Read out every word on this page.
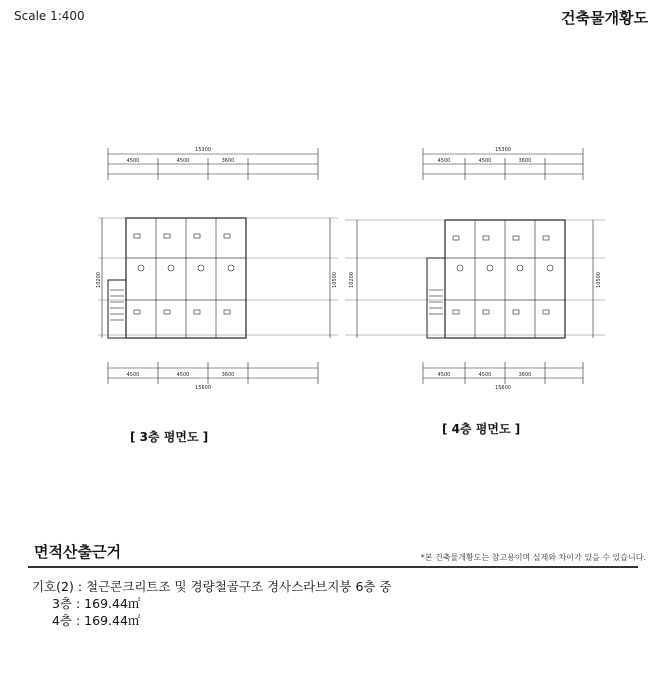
Scale 1:400	건축물개황도
15300
4500	4500	3600
4500	4500	3600
15600
10200	10500
15300
4500	4500	3600
4500	4500	3600
15600
10200	10500
[ 3층 평면도 ]
[ 4층 평면도 ]
면적산출근거	*본 건축물개황도는 참고용이며 실제와 차이가 있을 수 있습니다.
기호(2) : 철근콘크리트조 및 경량철골구조 경사스라브지붕 6층 중
3층 : 169.44㎡
4층 : 169.44㎡
